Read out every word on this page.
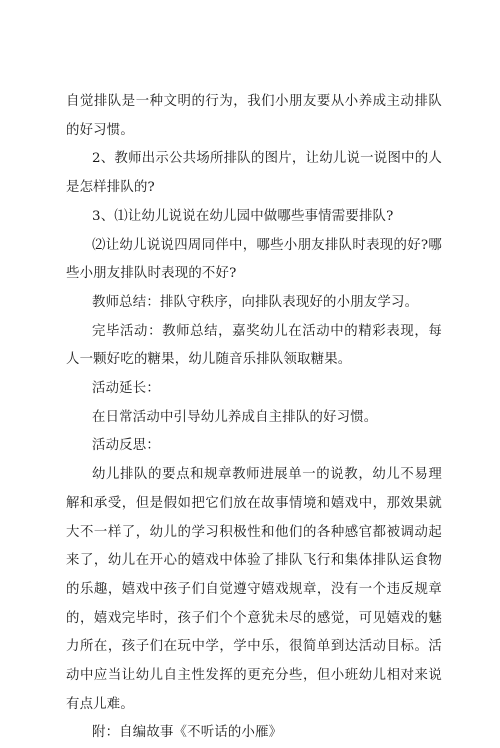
自觉排队是一种文明的行为，我们小朋友要从小养成主动排队的好习惯。

2、教师出示公共场所排队的图片，让幼儿说一说图中的人是怎样排队的?

3、⑴让幼儿说说在幼儿园中做哪些事情需要排队?

⑵让幼儿说说四周同伴中，哪些小朋友排队时表现的好?哪些小朋友排队时表现的不好?

教师总结：排队守秩序，向排队表现好的小朋友学习。

完毕活动：教师总结，嘉奖幼儿在活动中的精彩表现，每人一颗好吃的糖果，幼儿随音乐排队领取糖果。

活动延长：

在日常活动中引导幼儿养成自主排队的好习惯。

活动反思：

幼儿排队的要点和规章教师进展单一的说教，幼儿不易理解和承受，但是假如把它们放在故事情境和嬉戏中，那效果就大不一样了，幼儿的学习积极性和他们的各种感官都被调动起来了，幼儿在开心的嬉戏中体验了排队飞行和集体排队运食物的乐趣，嬉戏中孩子们自觉遵守嬉戏规章，没有一个违反规章的，嬉戏完毕时，孩子们个个意犹未尽的感觉，可见嬉戏的魅力所在，孩子们在玩中学，学中乐，很简单到达活动目标。活动中应当让幼儿自主性发挥的更充分些，但小班幼儿相对来说有点儿难。

附：自编故事《不听话的小雁》
